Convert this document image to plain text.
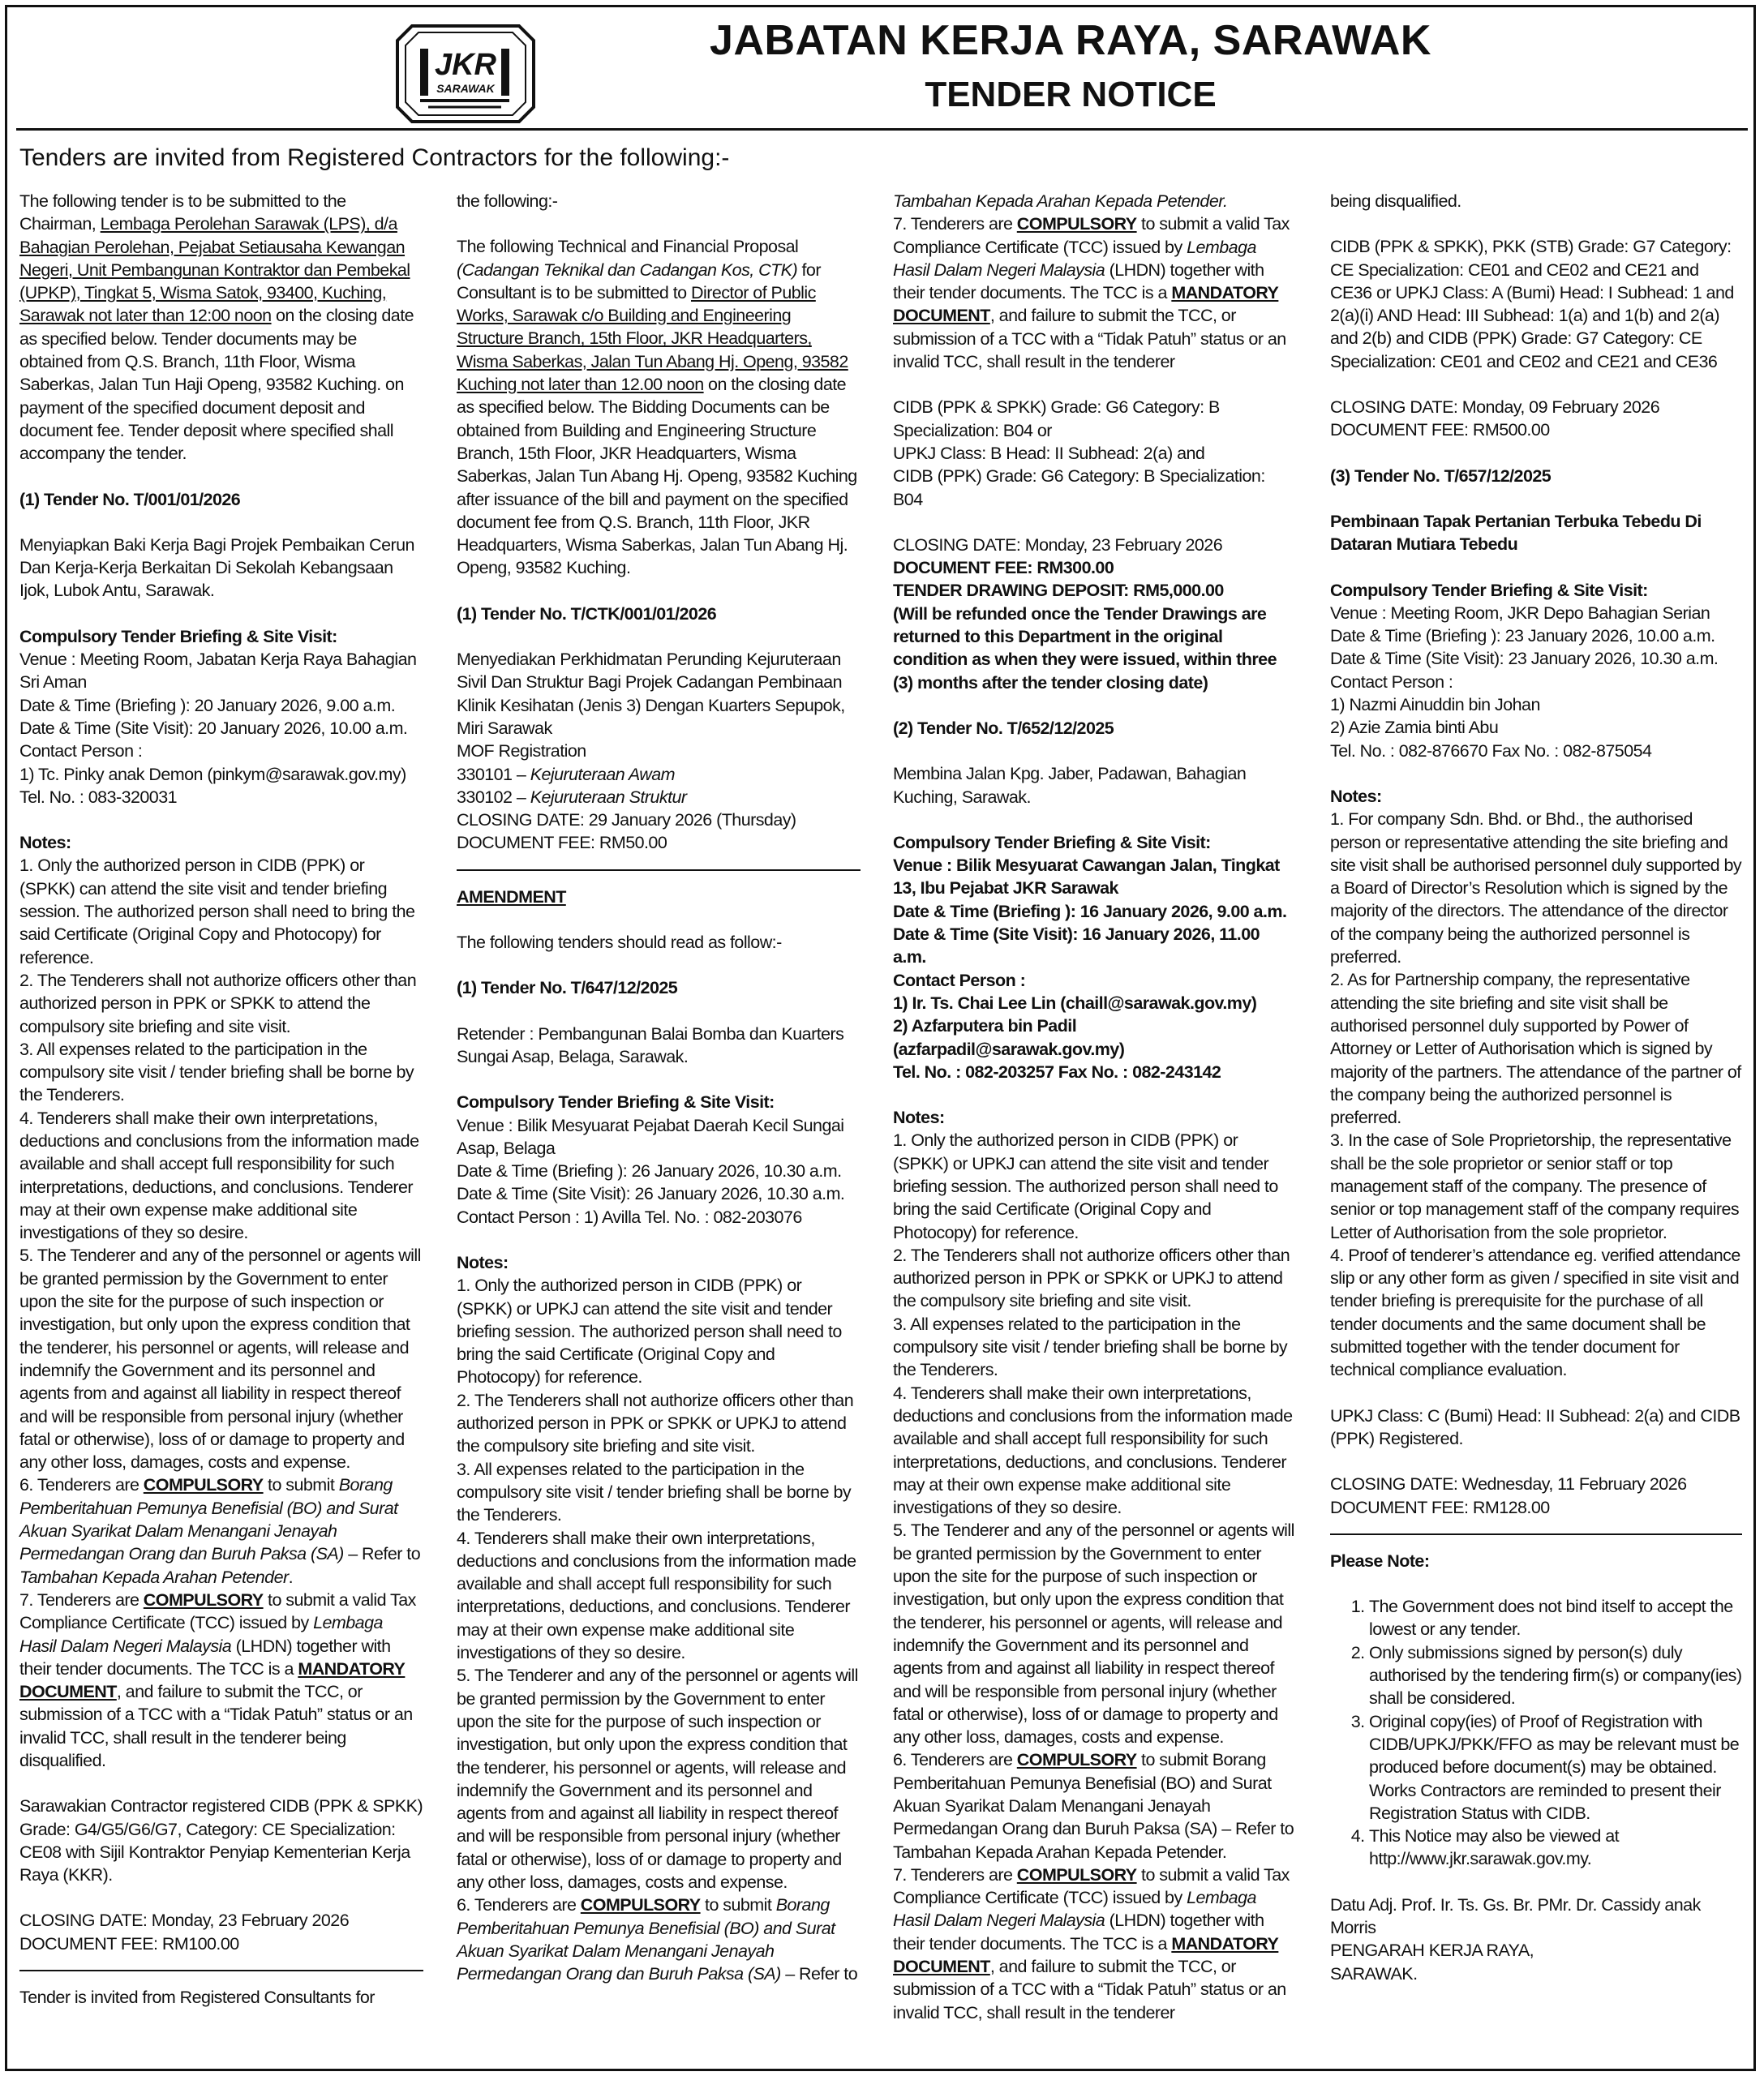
JKR
SARAWAK
JABATAN KERJA RAYA, SARAWAK
TENDER NOTICE
Tenders are invited from Registered Contractors for the following:-

The following tender is to be submitted to the Chairman, Lembaga Perolehan Sarawak (LPS), d/a Bahagian Perolehan, Pejabat Setiausaha Kewangan Negeri, Unit Pembangunan Kontraktor dan Pembekal (UPKP), Tingkat 5, Wisma Satok, 93400, Kuching, Sarawak not later than 12:00 noon on the closing date as specified below. Tender documents may be obtained from Q.S. Branch, 11th Floor, Wisma Saberkas, Jalan Tun Haji Openg, 93582 Kuching. on payment of the specified document deposit and document fee. Tender deposit where specified shall accompany the tender.

(1) Tender No. T/001/01/2026

Menyiapkan Baki Kerja Bagi Projek Pembaikan Cerun Dan Kerja-Kerja Berkaitan Di Sekolah Kebangsaan Ijok, Lubok Antu, Sarawak.

Compulsory Tender Briefing & Site Visit:

Venue : Meeting Room, Jabatan Kerja Raya Bahagian Sri Aman
Date & Time (Briefing ): 20 January 2026, 9.00 a.m.
Date & Time (Site Visit): 20 January 2026, 10.00 a.m.
Contact Person :
1) Tc. Pinky anak Demon (pinkym@sarawak.gov.my)
Tel. No. : 083-320031

Notes:
1. Only the authorized person in CIDB (PPK) or (SPKK) can attend the site visit and tender briefing session. The authorized person shall need to bring the said Certificate (Original Copy and Photocopy) for reference.
2. The Tenderers shall not authorize officers other than authorized person in PPK or SPKK to attend the compulsory site briefing and site visit.
3. All expenses related to the participation in the compulsory site visit / tender briefing shall be borne by the Tenderers.
4. Tenderers shall make their own interpretations, deductions and conclusions from the information made available and shall accept full responsibility for such interpretations, deductions, and conclusions. Tenderer may at their own expense make additional site investigations of they so desire.
5. The Tenderer and any of the personnel or agents will be granted permission by the Government to enter upon the site for the purpose of such inspection or investigation, but only upon the express condition that the tenderer, his personnel or agents, will release and indemnify the Government and its personnel and agents from and against all liability in respect thereof and will be responsible from personal injury (whether fatal or otherwise), loss of or damage to property and any other loss, damages, costs and expense.
6. Tenderers are COMPULSORY to submit Borang Pemberitahuan Pemunya Benefisial (BO) and Surat Akuan Syarikat Dalam Menangani Jenayah Permedangan Orang dan Buruh Paksa (SA) – Refer to Tambahan Kepada Arahan Petender.

7. Tenderers are COMPULSORY to submit a valid Tax Compliance Certificate (TCC) issued by Lembaga Hasil Dalam Negeri Malaysia (LHDN) together with their tender documents. The TCC is a MANDATORY DOCUMENT, and failure to submit the TCC, or submission of a TCC with a “Tidak Patuh” status or an invalid TCC, shall result in the tenderer being disqualified.

Sarawakian Contractor registered CIDB (PPK & SPKK) Grade: G4/G5/G6/G7, Category: CE Specialization: CE08 with Sijil Kontraktor Penyiap Kementerian Kerja Raya (KKR).

CLOSING DATE: Monday, 23 February 2026
DOCUMENT FEE: RM100.00
Tender is invited from Registered Consultants for

the following:-

The following Technical and Financial Proposal (Cadangan Teknikal dan Cadangan Kos, CTK) for Consultant is to be submitted to Director of Public Works, Sarawak c/o Building and Engineering Structure Branch, 15th Floor, JKR Headquarters, Wisma Saberkas, Jalan Tun Abang Hj. Openg, 93582 Kuching not later than 12.00 noon on the closing date as specified below. The Bidding Documents can be obtained from Building and Engineering Structure Branch, 15th Floor, JKR Headquarters, Wisma Saberkas, Jalan Tun Abang Hj. Openg, 93582 Kuching after issuance of the bill and payment on the specified document fee from Q.S. Branch, 11th Floor, JKR Headquarters, Wisma Saberkas, Jalan Tun Abang Hj. Openg, 93582 Kuching.

(1) Tender No. T/CTK/001/01/2026

Menyediakan Perkhidmatan Perunding Kejuruteraan Sivil Dan Struktur Bagi Projek Cadangan Pembinaan Klinik Kesihatan (Jenis 3) Dengan Kuarters Sepupok, Miri Sarawak
MOF Registration
330101 – Kejuruteraan Awam
330102 – Kejuruteraan Struktur
CLOSING DATE: 29 January 2026 (Thursday)
DOCUMENT FEE: RM50.00

AMENDMENT

The following tenders should read as follow:-

(1) Tender No. T/647/12/2025

Retender : Pembangunan Balai Bomba dan Kuarters Sungai Asap, Belaga, Sarawak.

Compulsory Tender Briefing & Site Visit:

Venue : Bilik Mesyuarat Pejabat Daerah Kecil Sungai Asap, Belaga
Date & Time (Briefing ): 26 January 2026, 10.30 a.m.
Date & Time (Site Visit): 26 January 2026, 10.30 a.m.
Contact Person : 1) Avilla Tel. No. : 082-203076

Notes:
1. Only the authorized person in CIDB (PPK) or (SPKK) or UPKJ can attend the site visit and tender briefing session. The authorized person shall need to bring the said Certificate (Original Copy and Photocopy) for reference.
2. The Tenderers shall not authorize officers other than authorized person in PPK or SPKK or UPKJ to attend the compulsory site briefing and site visit.
3. All expenses related to the participation in the compulsory site visit / tender briefing shall be borne by the Tenderers.
4. Tenderers shall make their own interpretations, deductions and conclusions from the information made available and shall accept full responsibility for such interpretations, deductions, and conclusions. Tenderer may at their own expense make additional site investigations of they so desire.
5. The Tenderer and any of the personnel or agents will be granted permission by the Government to enter upon the site for the purpose of such inspection or investigation, but only upon the express condition that the tenderer, his personnel or agents, will release and indemnify the Government and its personnel and agents from and against all liability in respect thereof and will be responsible from personal injury (whether fatal or otherwise), loss of or damage to property and any other loss, damages, costs and expense.
6. Tenderers are COMPULSORY to submit Borang Pemberitahuan Pemunya Benefisial (BO) and Surat Akuan Syarikat Dalam Menangani Jenayah Permedangan Orang dan Buruh Paksa (SA) – Refer to
Tambahan Kepada Arahan Kepada Petender.

7. Tenderers are COMPULSORY to submit a valid Tax Compliance Certificate (TCC) issued by Lembaga Hasil Dalam Negeri Malaysia (LHDN) together with their tender documents. The TCC is a MANDATORY DOCUMENT, and failure to submit the TCC, or submission of a TCC with a “Tidak Patuh” status or an invalid TCC, shall result in the tenderer

CIDB (PPK & SPKK) Grade: G6 Category: B Specialization: B04 or
UPKJ Class: B Head: II Subhead: 2(a) and
CIDB (PPK) Grade: G6 Category: B Specialization: B04

CLOSING DATE: Monday, 23 February 2026

DOCUMENT FEE: RM300.00
TENDER DRAWING DEPOSIT: RM5,000.00
(Will be refunded once the Tender Drawings are returned to this Department in the original condition as when they were issued, within three (3) months after the tender closing date)

(2) Tender No. T/652/12/2025

Membina Jalan Kpg. Jaber, Padawan, Bahagian Kuching, Sarawak.

Compulsory Tender Briefing & Site Visit:
Venue : Bilik Mesyuarat Cawangan Jalan, Tingkat 13, Ibu Pejabat JKR Sarawak
Date & Time (Briefing ): 16 January 2026, 9.00 a.m.
Date & Time (Site Visit): 16 January 2026, 11.00 a.m.
Contact Person :
1) Ir. Ts. Chai Lee Lin (chaill@sarawak.gov.my)
2) Azfarputera bin Padil
(azfarpadil@sarawak.gov.my)
Tel. No. : 082-203257 Fax No. : 082-243142

Notes:
1. Only the authorized person in CIDB (PPK) or (SPKK) or UPKJ can attend the site visit and tender briefing session. The authorized person shall need to bring the said Certificate (Original Copy and Photocopy) for reference.
2. The Tenderers shall not authorize officers other than authorized person in PPK or SPKK or UPKJ to attend the compulsory site briefing and site visit.
3. All expenses related to the participation in the compulsory site visit / tender briefing shall be borne by the Tenderers.
4. Tenderers shall make their own interpretations, deductions and conclusions from the information made available and shall accept full responsibility for such interpretations, deductions, and conclusions. Tenderer may at their own expense make additional site investigations of they so desire.
5. The Tenderer and any of the personnel or agents will be granted permission by the Government to enter upon the site for the purpose of such inspection or investigation, but only upon the express condition that the tenderer, his personnel or agents, will release and indemnify the Government and its personnel and agents from and against all liability in respect thereof and will be responsible from personal injury (whether fatal or otherwise), loss of or damage to property and any other loss, damages, costs and expense.
6. Tenderers are COMPULSORY to submit Borang Pemberitahuan Pemunya Benefisial (BO) and Surat Akuan Syarikat Dalam Menangani Jenayah Permedangan Orang dan Buruh Paksa (SA) – Refer to Tambahan Kepada Arahan Kepada Petender.
7. Tenderers are COMPULSORY to submit a valid Tax Compliance Certificate (TCC) issued by Lembaga Hasil Dalam Negeri Malaysia (LHDN) together with their tender documents. The TCC is a MANDATORY DOCUMENT, and failure to submit the TCC, or submission of a TCC with a “Tidak Patuh” status or an invalid TCC, shall result in the tenderer

being disqualified.

CIDB (PPK & SPKK), PKK (STB) Grade: G7 Category: CE Specialization: CE01 and CE02 and CE21 and CE36 or UPKJ Class: A (Bumi) Head: I Subhead: 1 and 2(a)(i) AND Head: III Subhead: 1(a) and 1(b) and 2(a) and 2(b) and CIDB (PPK) Grade: G7 Category: CE Specialization: CE01 and CE02 and CE21 and CE36

CLOSING DATE: Monday, 09 February 2026
DOCUMENT FEE: RM500.00

(3) Tender No. T/657/12/2025

Pembinaan Tapak Pertanian Terbuka Tebedu Di Dataran Mutiara Tebedu

Compulsory Tender Briefing & Site Visit:

Venue : Meeting Room, JKR Depo Bahagian Serian
Date & Time (Briefing ): 23 January 2026, 10.00 a.m.
Date & Time (Site Visit): 23 January 2026, 10.30 a.m.
Contact Person :
1) Nazmi Ainuddin bin Johan
2) Azie Zamia binti Abu
Tel. No. : 082-876670 Fax No. : 082-875054

Notes:

1. For company Sdn. Bhd. or Bhd., the authorised person or representative attending the site briefing and site visit shall be authorised personnel duly supported by a Board of Director’s Resolution which is signed by the majority of the directors. The attendance of the director of the company being the authorized personnel is preferred.
2. As for Partnership company, the representative attending the site briefing and site visit shall be authorised personnel duly supported by Power of Attorney or Letter of Authorisation which is signed by majority of the partners. The attendance of the partner of the company being the authorized personnel is preferred.
3. In the case of Sole Proprietorship, the representative shall be the sole proprietor or senior staff or top management staff of the company. The presence of senior or top management staff of the company requires Letter of Authorisation from the sole proprietor.
4. Proof of tenderer’s attendance eg. verified attendance slip or any other form as given / specified in site visit and tender briefing is prerequisite for the purchase of all tender documents and the same document shall be submitted together with the tender document for technical compliance evaluation.

UPKJ Class: C (Bumi) Head: II Subhead: 2(a) and CIDB (PPK) Registered.

CLOSING DATE: Wednesday, 11 February 2026
DOCUMENT FEE: RM128.00

Please Note:

1. The Government does not bind itself to accept the lowest or any tender.
2. Only submissions signed by person(s) duly authorised by the tendering firm(s) or company(ies) shall be considered.
3. Original copy(ies) of Proof of Registration with CIDB/UPKJ/PKK/FFO as may be relevant must be produced before document(s) may be obtained. Works Contractors are reminded to present their Registration Status with CIDB.
4. This Notice may also be viewed at http://www.jkr.sarawak.gov.my.

Datu Adj. Prof. Ir. Ts. Gs. Br. PMr. Dr. Cassidy anak Morris
PENGARAH KERJA RAYA,
SARAWAK.
